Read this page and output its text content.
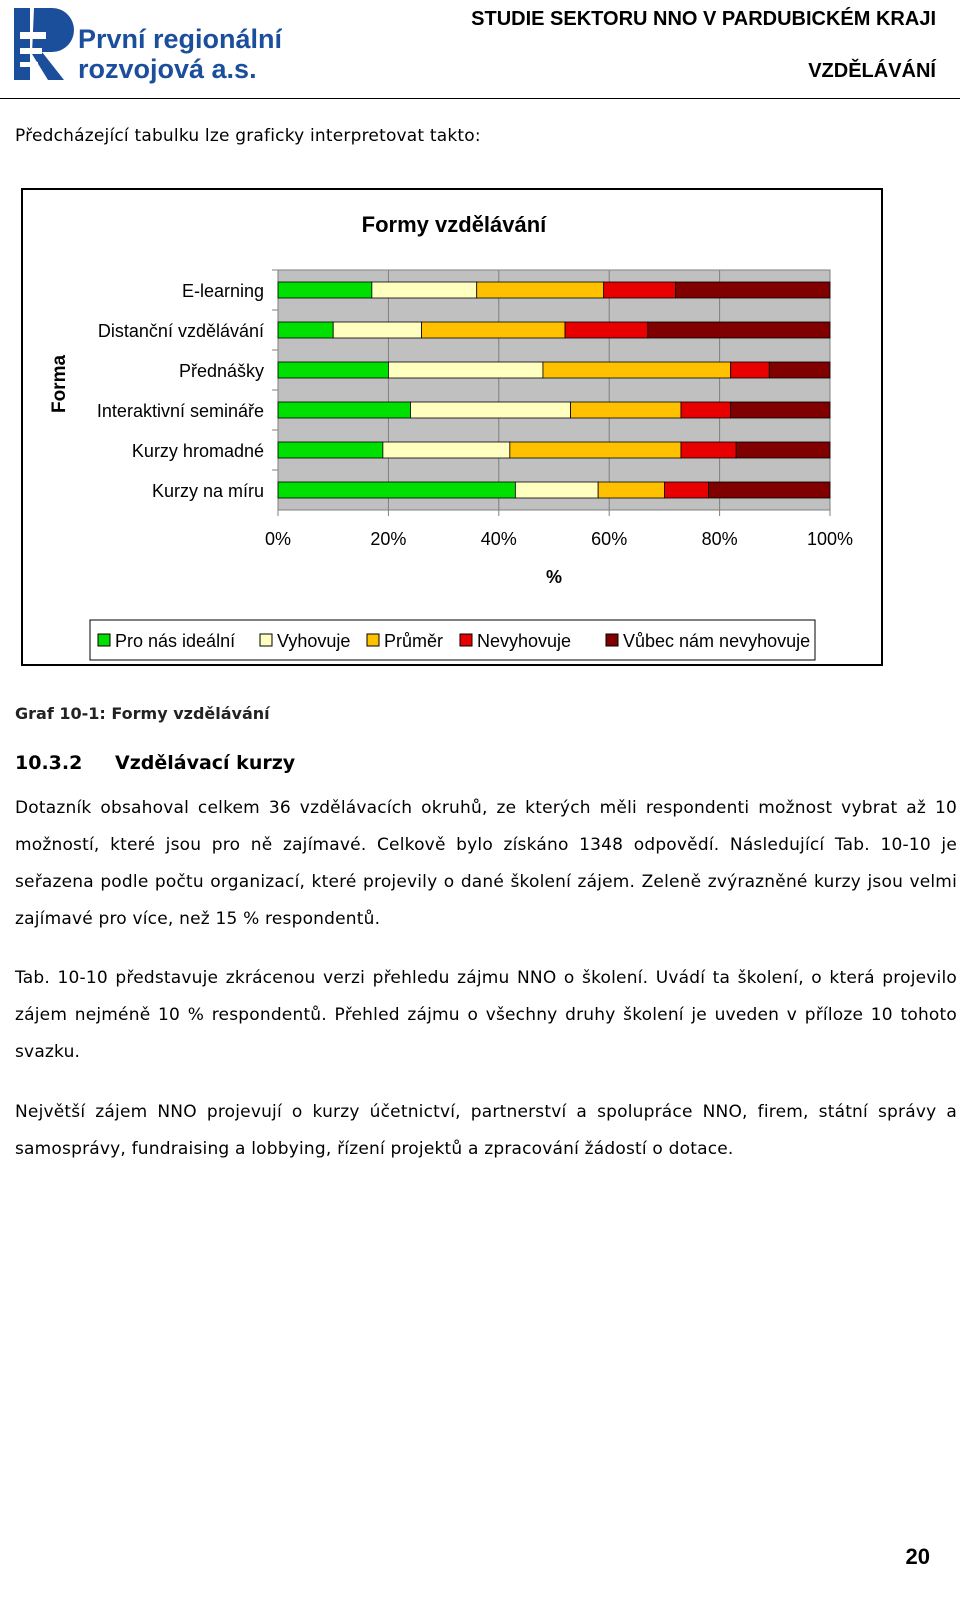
První regionální
rozvojová a.s.
STUDIE SEKTORU NNO V PARDUBICKÉM KRAJI
VZDĚLÁVÁNÍ
Předcházející tabulku lze graficky interpretovat takto:
Formy vzdělávání
0%	20%	40%	60%	80%	100%
E-learning
Distanční vzdělávání
Přednášky
Interaktivní semináře
Kurzy hromadné
Kurzy na míru
Forma
%
Pro nás ideální Vyhovuje Průměr Nevyhovuje	Vůbec nám nevyhovuje
Graf 10-1: Formy vzdělávání
10.3.2 Vzdělávací kurzy
Dotazník obsahoval celkem 36 vzdělávacích okruhů, ze kterých měli respondenti možnost vybrat až 10 možností, které jsou pro ně zajímavé. Celkově bylo získáno 1348 odpovědí. Následující Tab. 10-10 je seřazena podle počtu organizací, které projevily o dané školení zájem. Zeleně zvýrazněné kurzy jsou velmi zajímavé pro více, než 15 % respondentů.
Tab. 10-10 představuje zkrácenou verzi přehledu zájmu NNO o školení. Uvádí ta školení, o která projevilo zájem nejméně 10 % respondentů. Přehled zájmu o všechny druhy školení je uveden v příloze 10 tohoto svazku.
Největší zájem NNO projevují o kurzy účetnictví, partnerství a spolupráce NNO, firem, státní správy a samosprávy, fundraising a lobbying, řízení projektů a zpracování žádostí o dotace.
20
